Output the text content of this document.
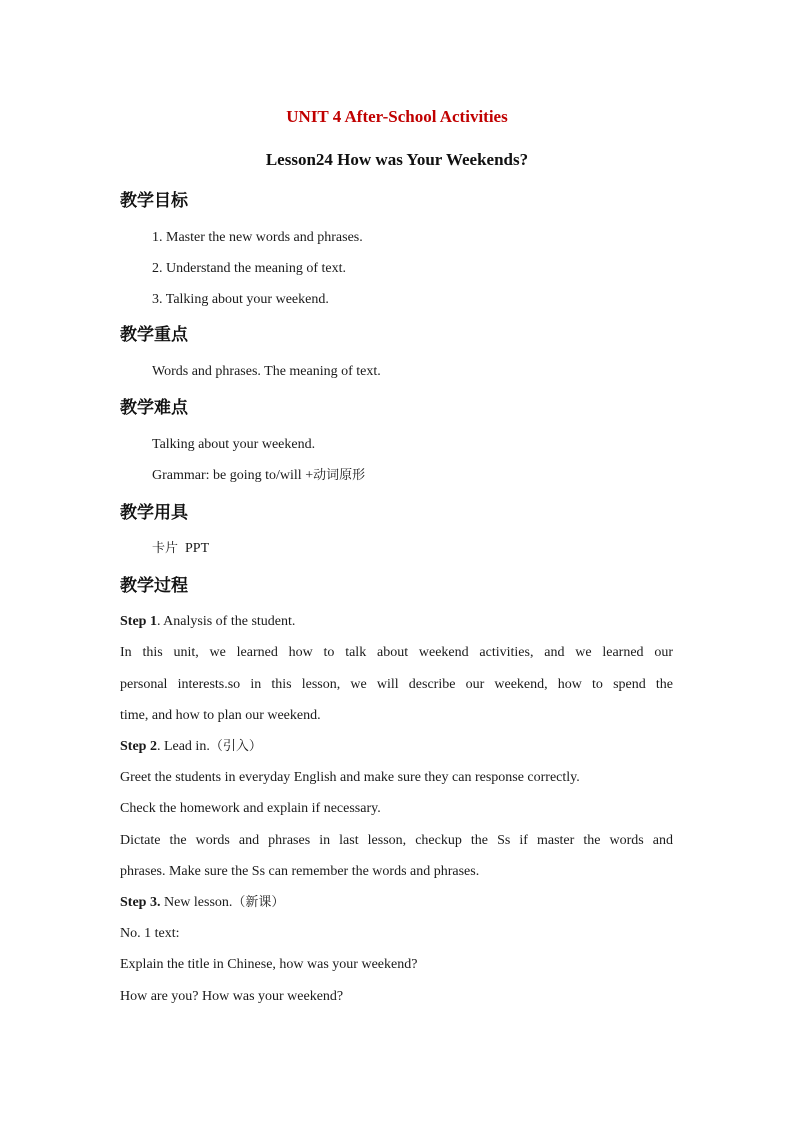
UNIT 4 After-School Activities
Lesson24 How was Your Weekends?
教学目标
1. Master the new words and phrases.
2. Understand the meaning of text.
3. Talking about your weekend.
教学重点
Words and phrases. The meaning of text.
教学难点
Talking about your weekend.
Grammar: be going to/will +动词原形
教学用具
卡片 PPT
教学过程
Step 1. Analysis of the student.
In this unit, we learned how to talk about weekend activities, and we learned our
personal interests.so in this lesson, we will describe our weekend, how to spend the
time, and how to plan our weekend.
Step 2. Lead in.（引入）
Greet the students in everyday English and make sure they can response correctly.
Check the homework and explain if necessary.
Dictate the words and phrases in last lesson, checkup the Ss if master the words and
phrases. Make sure the Ss can remember the words and phrases.
Step 3. New lesson.（新课）
No. 1 text:
Explain the title in Chinese, how was your weekend?
How are you? How was your weekend?
